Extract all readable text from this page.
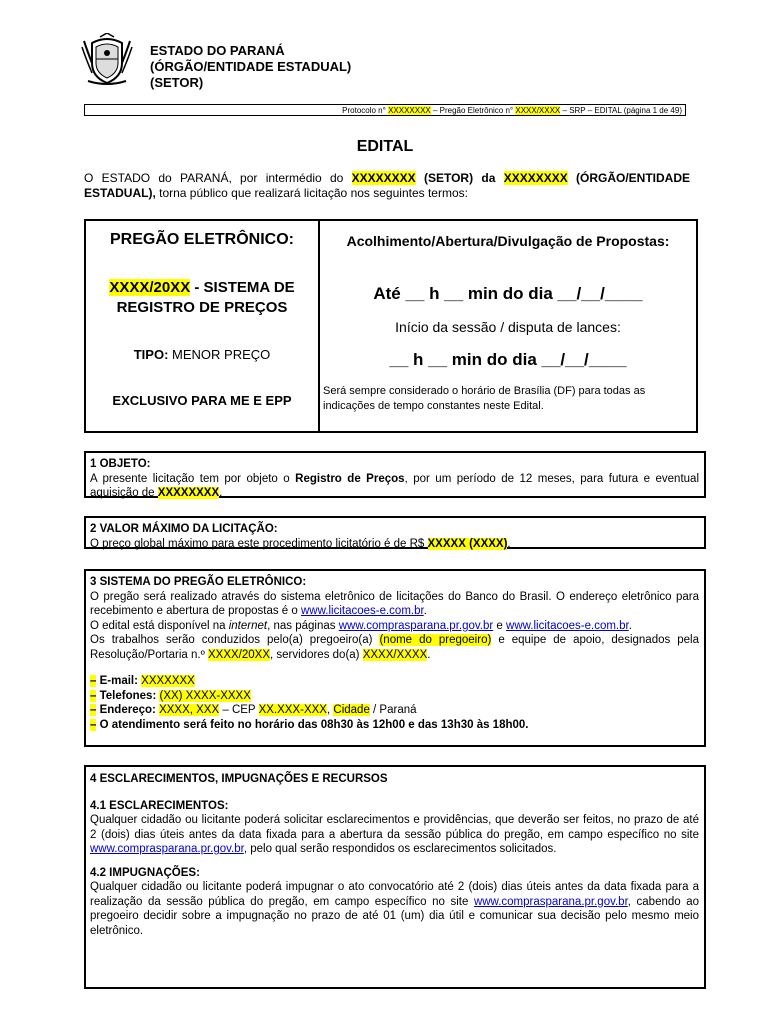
ESTADO DO PARANÁ
(ÓRGÃO/ENTIDADE ESTADUAL)
(SETOR)
Protocolo n° XXXXXXXX – Pregão Eletrônico n° XXXX/XXXX – SRP – EDITAL (página 1 de 49)
EDITAL
O ESTADO do PARANÁ, por intermédio do XXXXXXXX (SETOR) da XXXXXXXX (ÓRGÃO/ENTIDADE ESTADUAL), torna público que realizará licitação nos seguintes termos:
PREGÃO ELETRÔNICO:
XXXX/20XX - SISTEMA DE
REGISTRO DE PREÇOS
TIPO: MENOR PREÇO
EXCLUSIVO PARA ME E EPP
Acolhimento/Abertura/Divulgação de Propostas:
Até __ h __ min do dia __/__/____
Início da sessão / disputa de lances:
__ h __ min do dia __/__/____
Será sempre considerado o horário de Brasília (DF) para todas as indicações de tempo constantes neste Edital.

1 OBJETO:

A presente licitação tem por objeto o Registro de Preços, por um período de 12 meses, para futura e eventual aquisição de XXXXXXXX.

2 VALOR MÁXIMO DA LICITAÇÃO:

O preço global máximo para este procedimento licitatório é de R$ XXXXX (XXXX).

3 SISTEMA DO PREGÃO ELETRÔNICO:

O pregão será realizado através do sistema eletrônico de licitações do Banco do Brasil. O endereço eletrônico para recebimento e abertura de propostas é o www.licitacoes-e.com.br.

O edital está disponível na internet, nas páginas www.comprasparana.pr.gov.br e www.licitacoes-e.com.br.

Os trabalhos serão conduzidos pelo(a) pregoeiro(a) (nome do pregoeiro) e equipe de apoio, designados pela Resolução/Portaria n.º XXXX/20XX, servidores do(a) XXXX/XXXX.

– E-mail: XXXXXXX

– Telefones: (XX) XXXX-XXXX

– Endereço: XXXX, XXX – CEP XX.XXX-XXX, Cidade / Paraná

– O atendimento será feito no horário das 08h30 às 12h00 e das 13h30 às 18h00.

4 ESCLARECIMENTOS, IMPUGNAÇÕES E RECURSOS

4.1 ESCLARECIMENTOS:

Qualquer cidadão ou licitante poderá solicitar esclarecimentos e providências, que deverão ser feitos, no prazo de até 2 (dois) dias úteis antes da data fixada para a abertura da sessão pública do pregão, em campo específico no site www.comprasparana.pr.gov.br, pelo qual serão respondidos os esclarecimentos solicitados.

4.2 IMPUGNAÇÕES:

Qualquer cidadão ou licitante poderá impugnar o ato convocatório até 2 (dois) dias úteis antes da data fixada para a realização da sessão pública do pregão, em campo específico no site www.comprasparana.pr.gov.br, cabendo ao pregoeiro decidir sobre a impugnação no prazo de até 01 (um) dia útil e comunicar sua decisão pelo mesmo meio eletrônico.
